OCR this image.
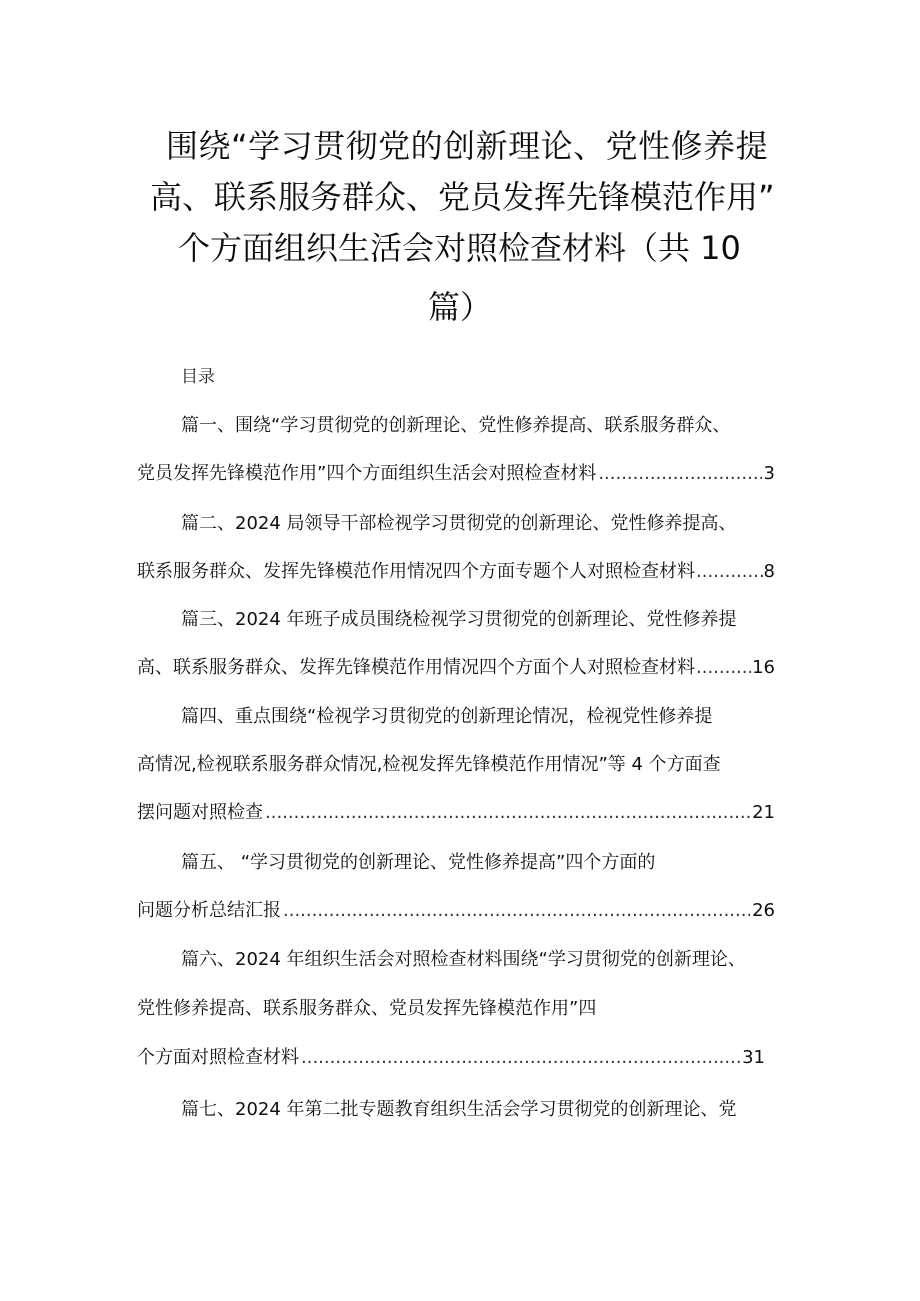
围绕“学习贯彻党的创新理论、党性修养提
高、联系服务群众、党员发挥先锋模范作用”
个方面组织生活会对照检查材料（共 10
篇）
目录
篇一、围绕“学习贯彻党的创新理论、党性修养提高、联系服务群众、
党员发挥先锋模范作用”四个方面组织生活会对照检查材料 .....	3
篇二、2024 局领导干部检视学习贯彻党的创新理论、党性修养提高、
联系服务群众、发挥先锋模范作用情况四个方面专题个人对照检查材料 .....	8
篇三、2024 年班子成员围绕检视学习贯彻党的创新理论、党性修养提
高、联系服务群众、发挥先锋模范作用情况四个方面个人对照检查材料 .....	16
篇四、重点围绕“检视学习贯彻党的创新理论情况，检视党性修养提
高情况,检视联系服务群众情况,检视发挥先锋模范作用情况”等 4 个方面查
摆问题对照检查 .....	21
篇五、 “学习贯彻党的创新理论、党性修养提高”四个方面的
问题分析总结汇报 .....	26
篇六、2024 年组织生活会对照检查材料围绕“学习贯彻党的创新理论、
党性修养提高、联系服务群众、党员发挥先锋模范作用”四
个方面对照检查材料 .....	31
篇七、2024 年第二批专题教育组织生活会学习贯彻党的创新理论、党
